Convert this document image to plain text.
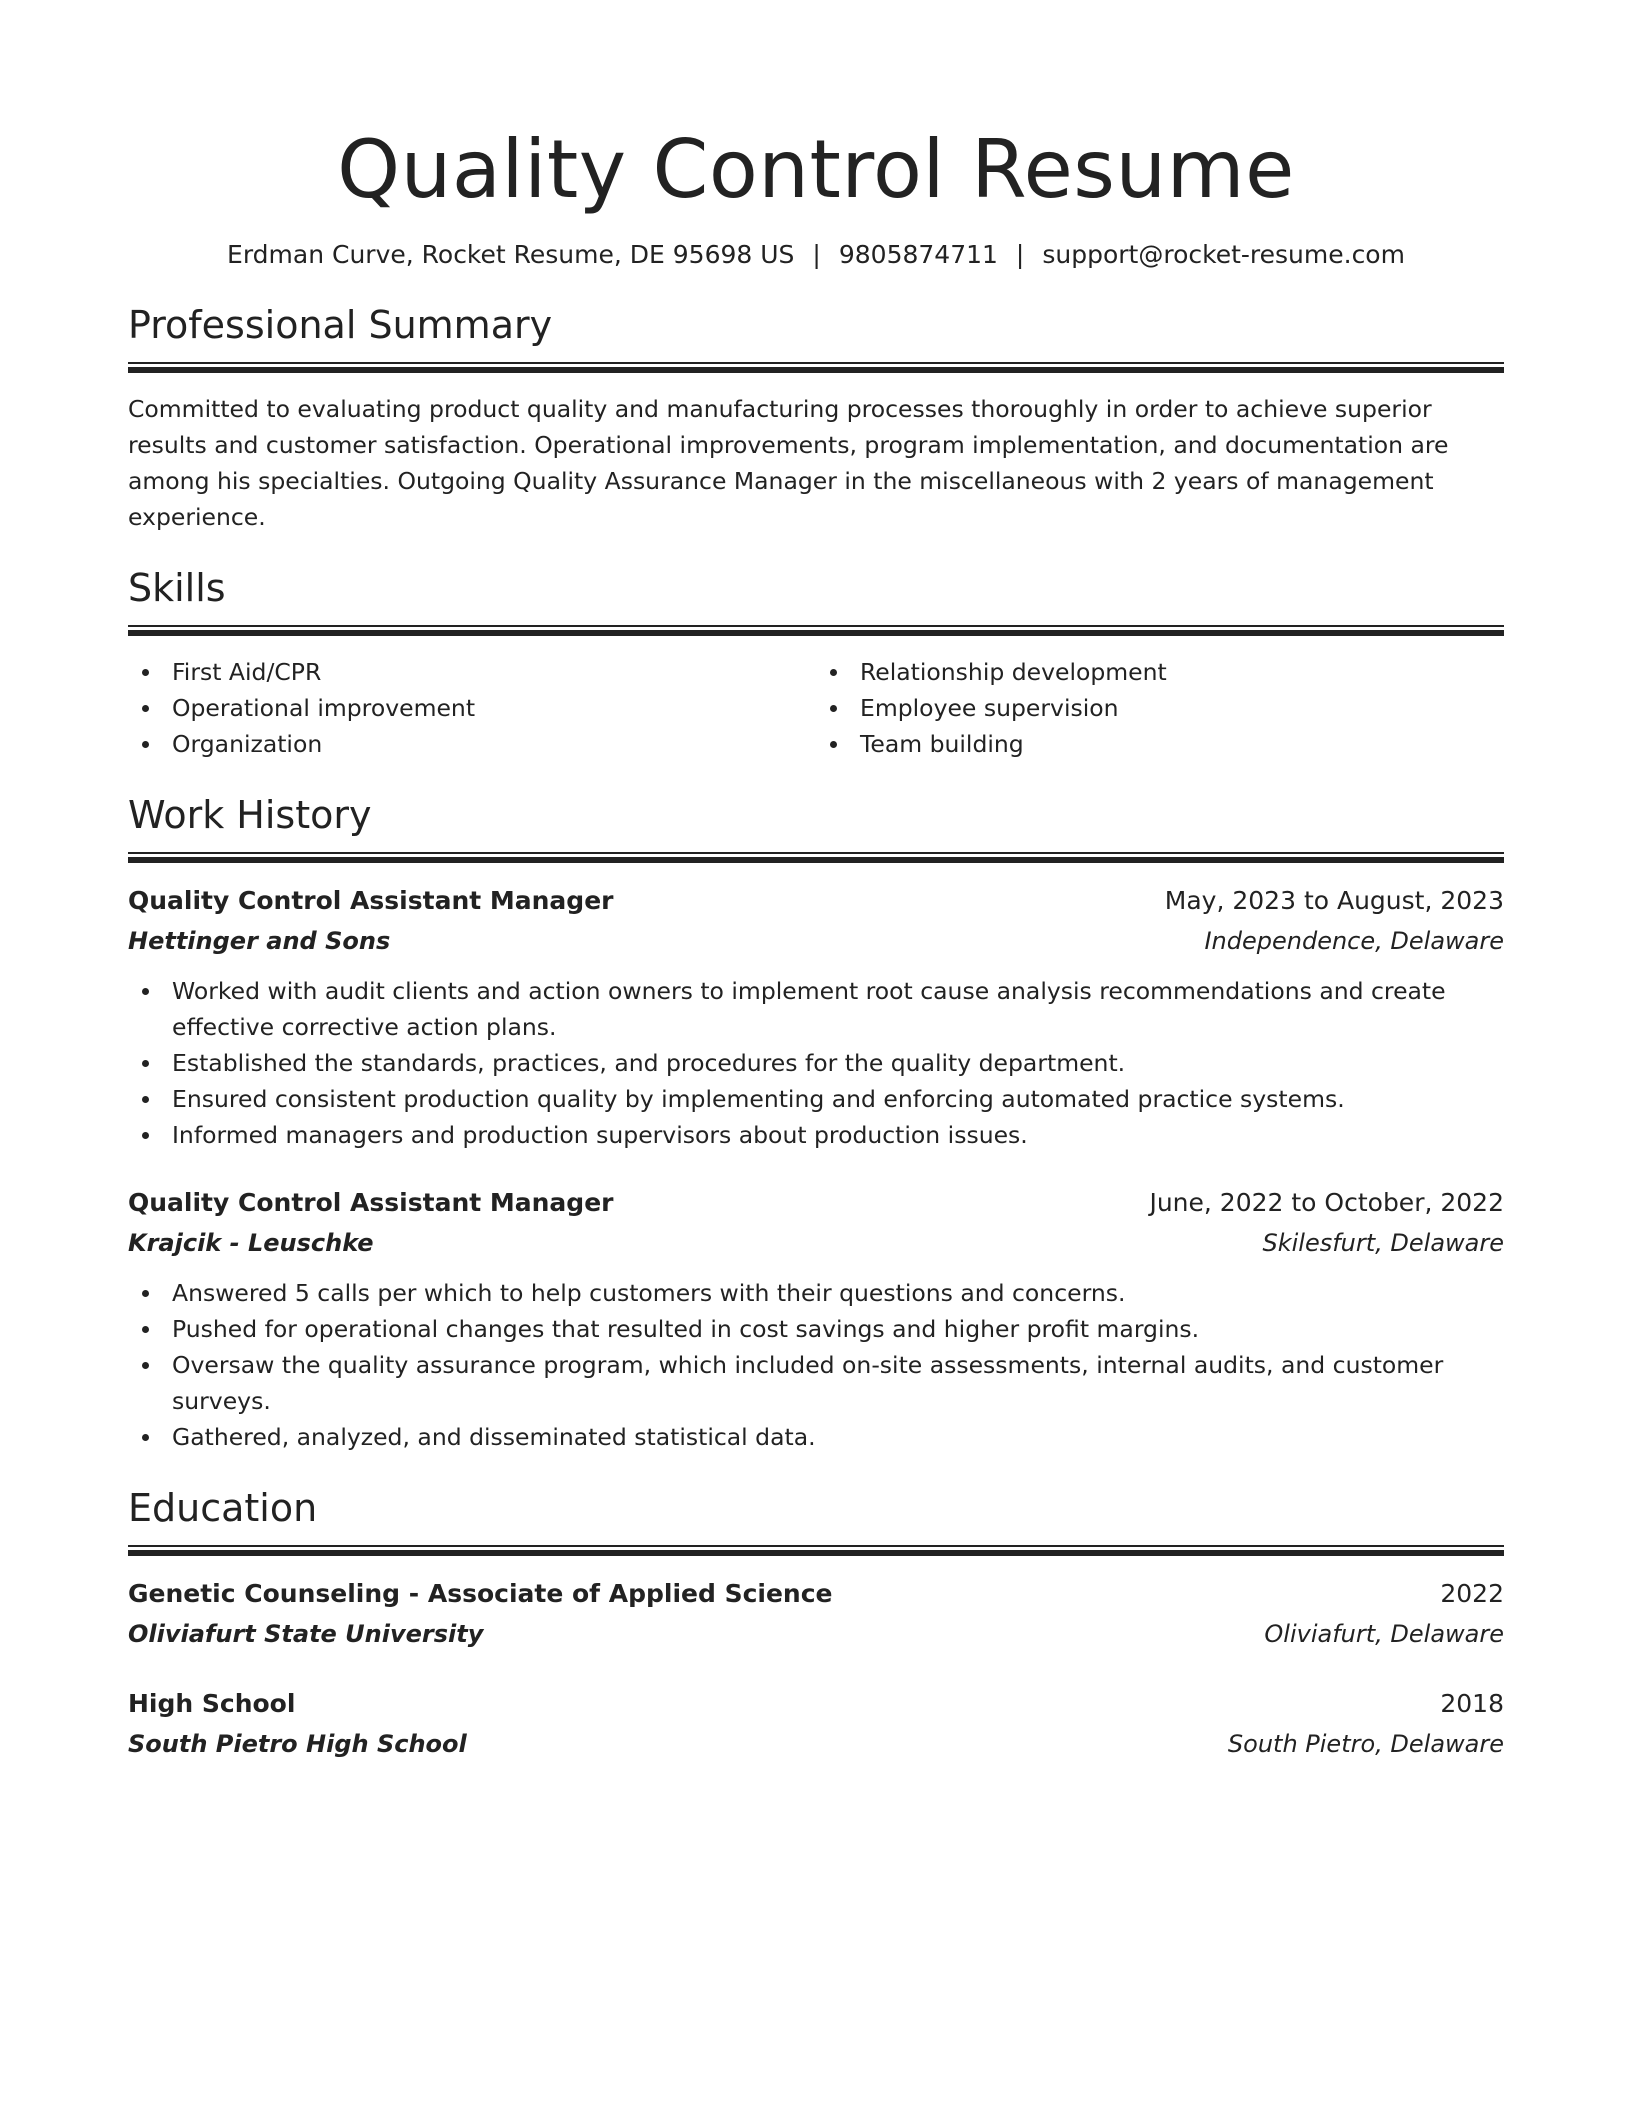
Quality Control Resume
Erdman Curve, Rocket Resume, DE 95698 US | 9805874711 | support@rocket-resume.com
Professional Summary

Committed to evaluating product quality and manufacturing processes thoroughly in order to achieve superior results and customer satisfaction. Operational improvements, program implementation, and documentation are among his specialties. Outgoing Quality Assurance Manager in the miscellaneous with 2 years of management experience.

Skills
First Aid/CPR
Operational improvement
Organization
Relationship development
Employee supervision
Team building
Work History
Quality Control Assistant Manager	May, 2023 to August, 2023
Hettinger and Sons	Independence, Delaware
Worked with audit clients and action owners to implement root cause analysis recommendations and create effective corrective action plans.
Established the standards, practices, and procedures for the quality department.
Ensured consistent production quality by implementing and enforcing automated practice systems.
Informed managers and production supervisors about production issues.
Quality Control Assistant Manager	June, 2022 to October, 2022
Krajcik - Leuschke	Skilesfurt, Delaware
Answered 5 calls per which to help customers with their questions and concerns.
Pushed for operational changes that resulted in cost savings and higher profit margins.
Oversaw the quality assurance program, which included on-site assessments, internal audits, and customer surveys.
Gathered, analyzed, and disseminated statistical data.
Education
Genetic Counseling - Associate of Applied Science	2022
Oliviafurt State University	Oliviafurt, Delaware
High School	2018
South Pietro High School	South Pietro, Delaware
